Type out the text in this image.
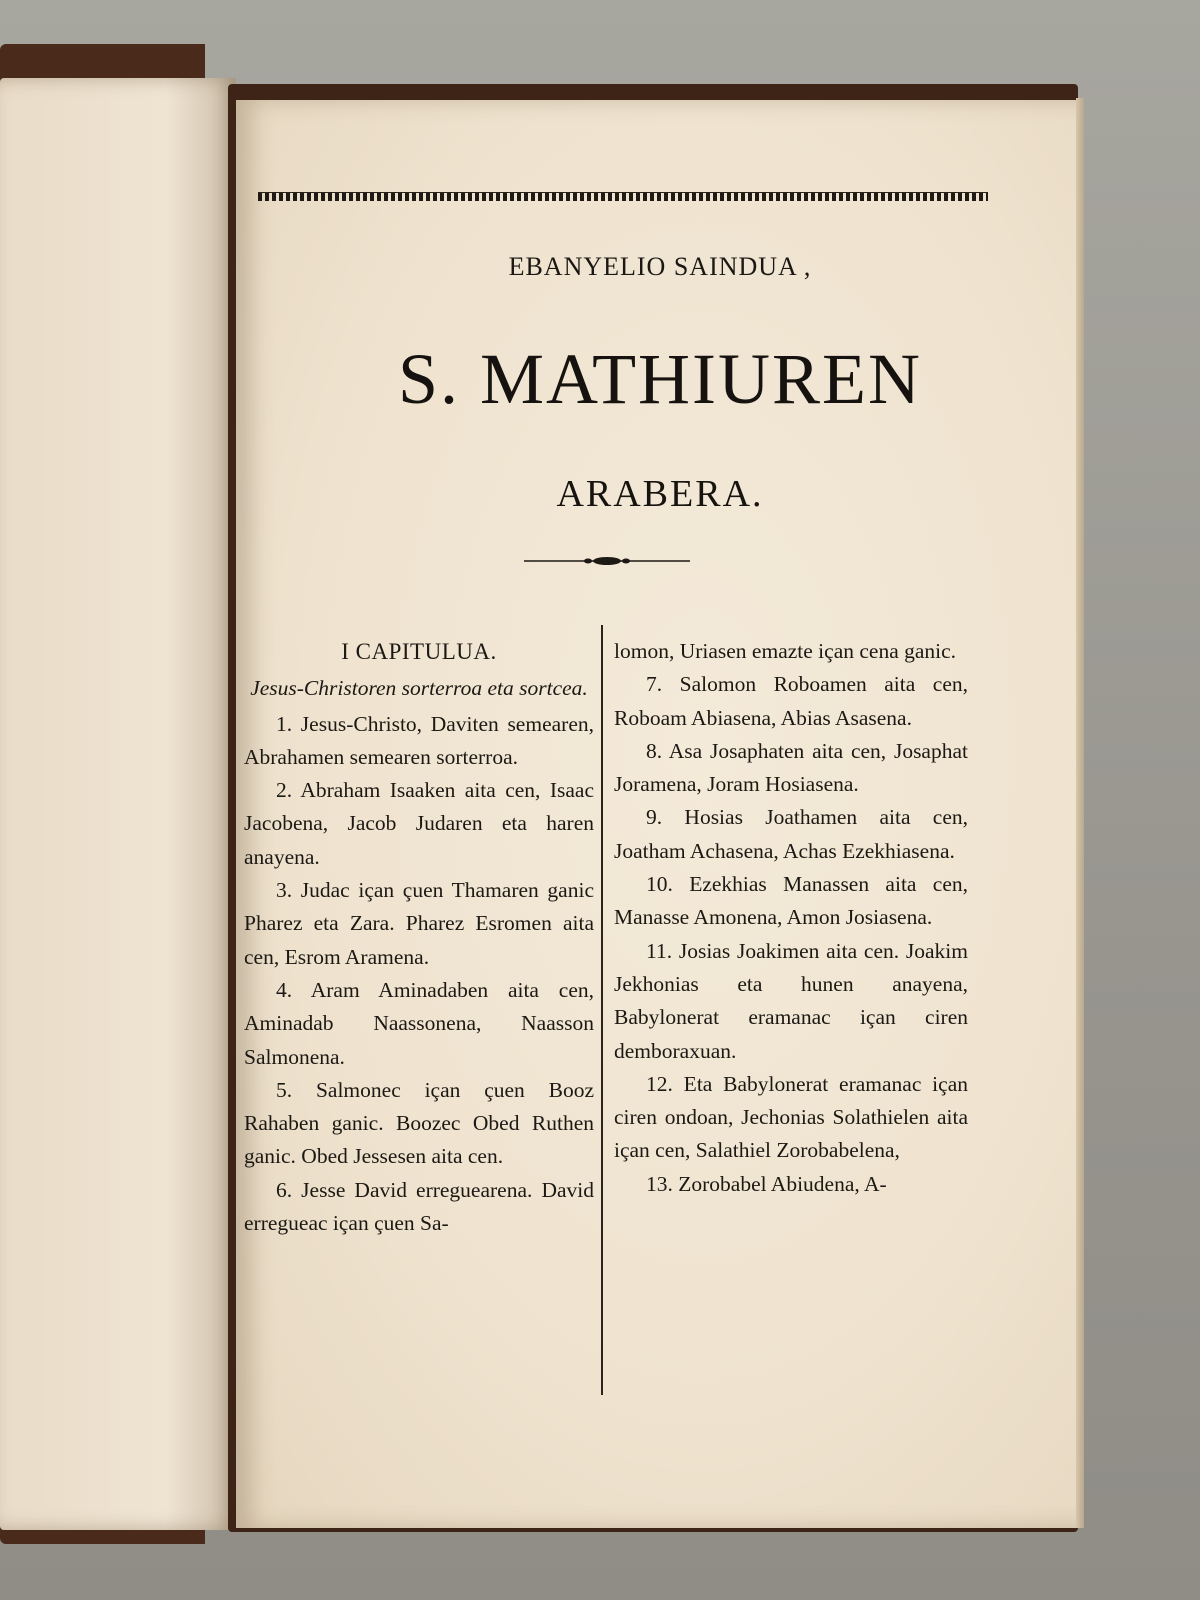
EBANYELIO SAINDUA ,

S. MATHIUREN
ARABERA.

I CAPITULUA.

Jesus-Christoren sorterroa eta sortcea.

1. Jesus-Christo, Daviten semearen, Abrahamen semearen sorterroa.

2. Abraham Isaaken aita cen, Isaac Jacobena, Jacob Judaren eta haren anayena.

3. Judac içan çuen Thamaren ganic Pharez eta Zara. Pharez Esromen aita cen, Esrom Aramena.

4. Aram Aminadaben aita cen, Aminadab Naassonena, Naasson Salmonena.

5. Salmonec içan çuen Booz Rahaben ganic. Boozec Obed Ruthen ganic. Obed Jessesen aita cen.

6. Jesse David erreguearena. David erregueac içan çuen Sa-

lomon, Uriasen emazte içan cena ganic.

7. Salomon Roboamen aita cen, Roboam Abiasena, Abias Asasena.

8. Asa Josaphaten aita cen, Josaphat Joramena, Joram Hosiasena.

9. Hosias Joathamen aita cen, Joatham Achasena, Achas Ezekhiasena.

10. Ezekhias Manassen aita cen, Manasse Amonena, Amon Josiasena.

11. Josias Joakimen aita cen. Joakim Jekhonias eta hunen anayena, Babylonerat eramanac içan ciren demboraxuan.

12. Eta Babylonerat eramanac içan ciren ondoan, Jechonias Solathielen aita içan cen, Salathiel Zorobabelena,

13. Zorobabel Abiudena, A-
